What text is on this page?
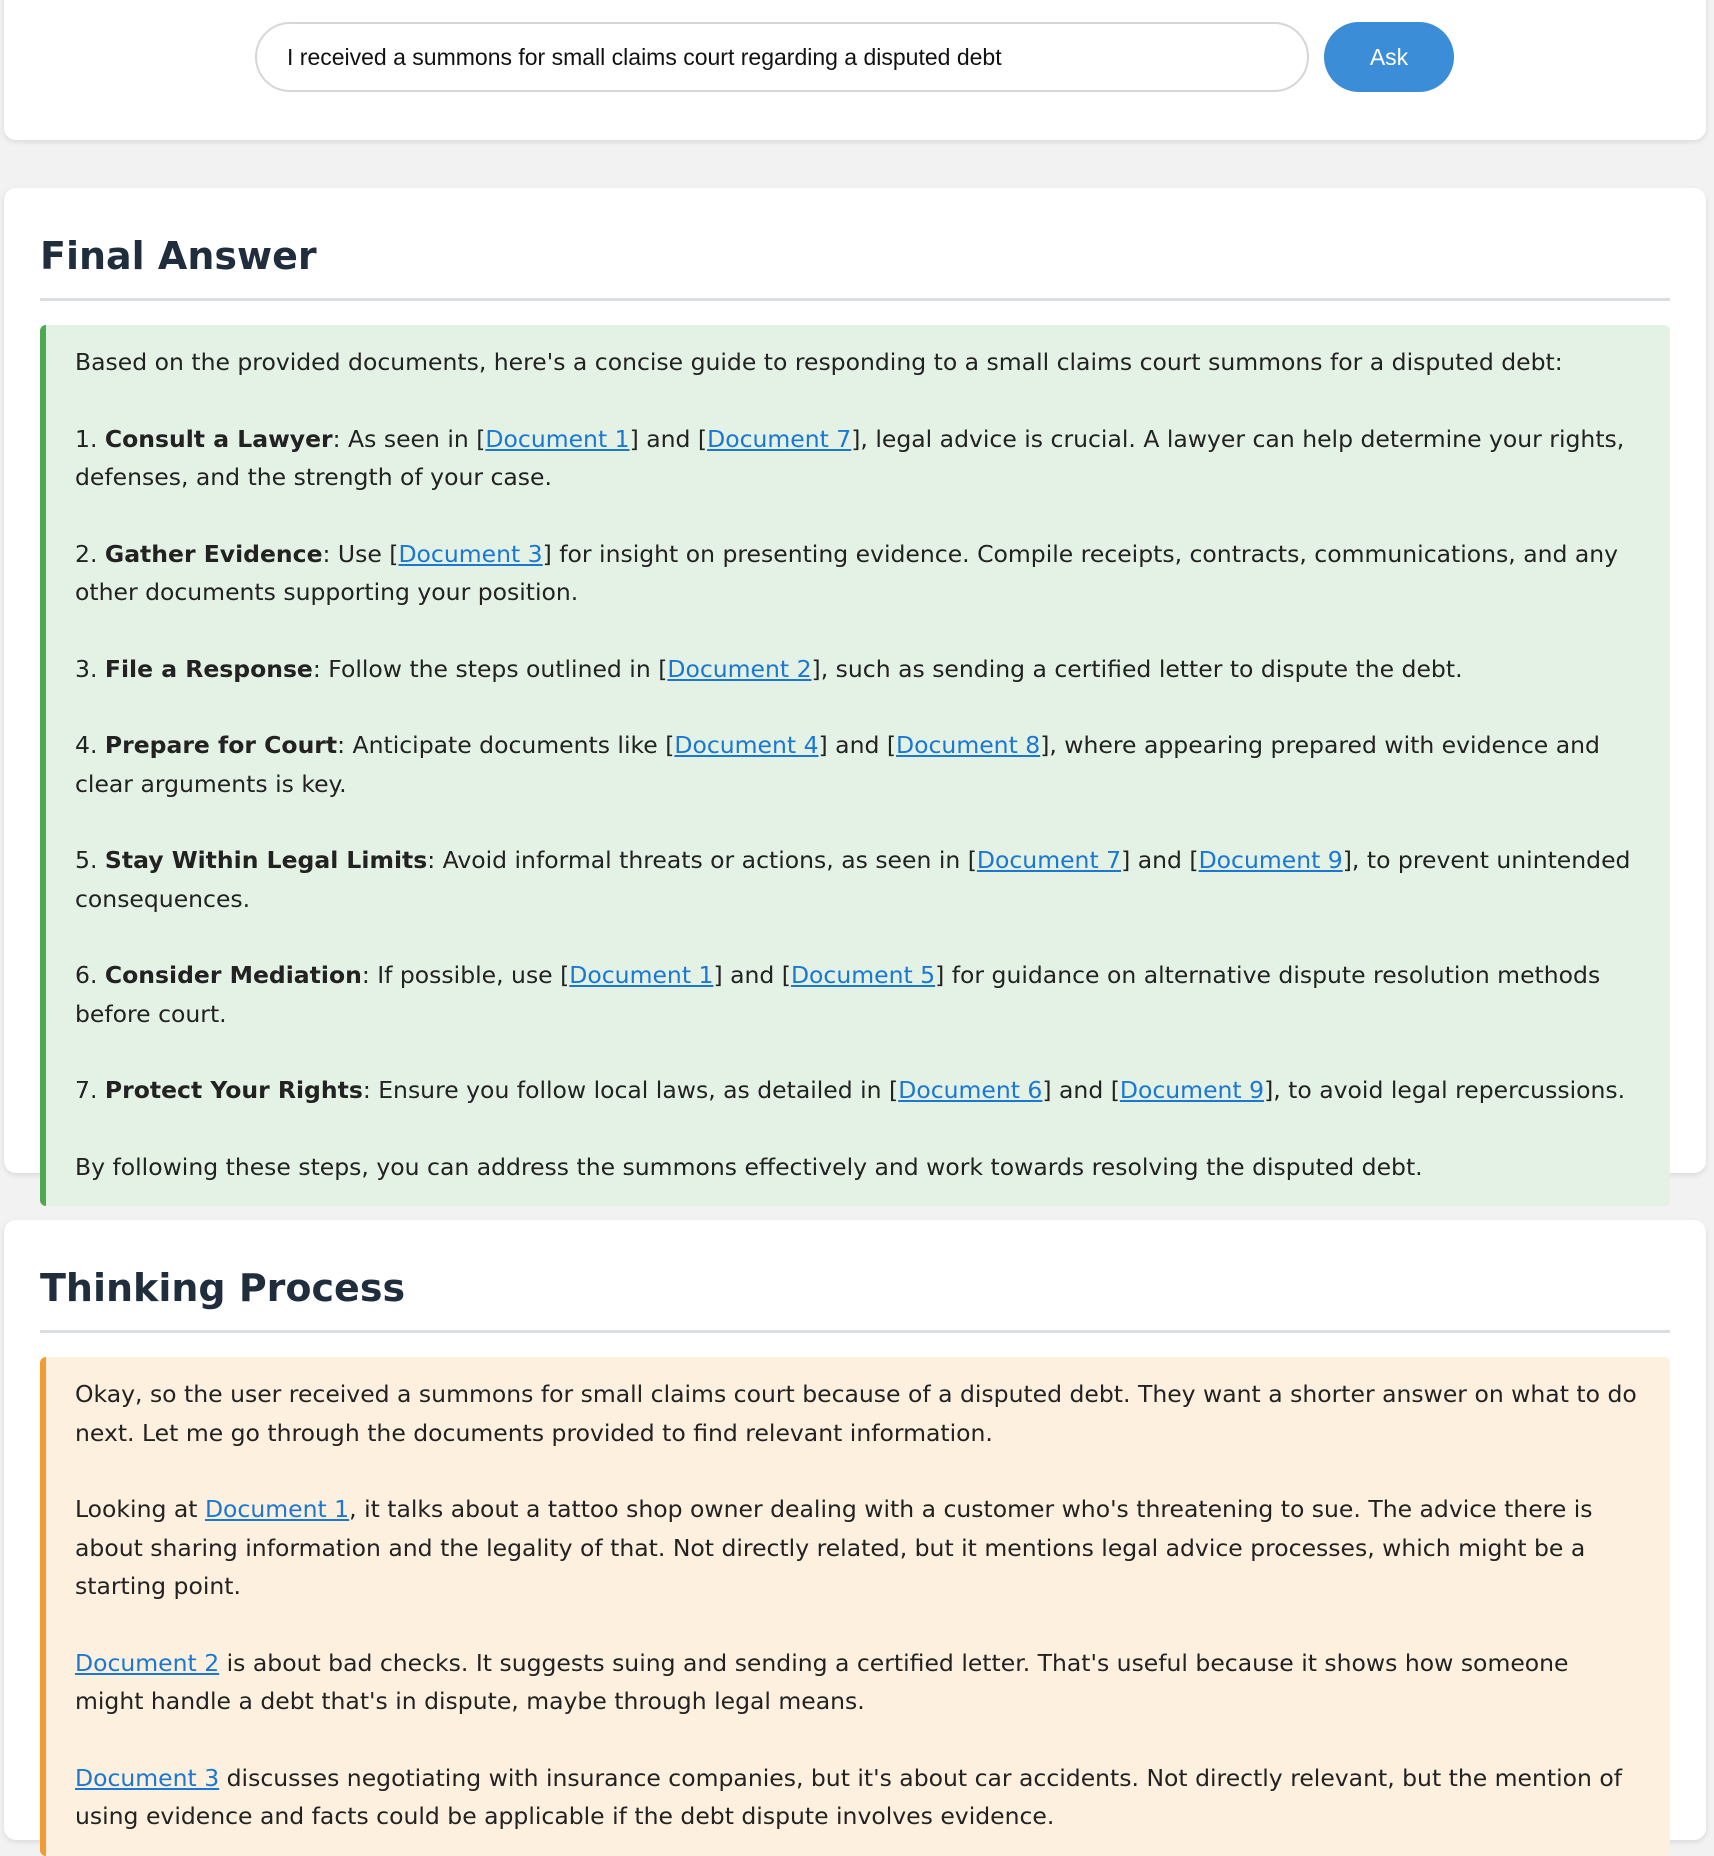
I received a summons for small claims court regarding a disputed debt
Ask
Final Answer

Based on the provided documents, here's a concise guide to responding to a small claims court summons for a disputed debt:

1. Consult a Lawyer: As seen in [Document 1] and [Document 7], legal advice is crucial. A lawyer can help determine your rights, defenses, and the strength of your case.

2. Gather Evidence: Use [Document 3] for insight on presenting evidence. Compile receipts, contracts, communications, and any other documents supporting your position.

3. File a Response: Follow the steps outlined in [Document 2], such as sending a certified letter to dispute the debt.

4. Prepare for Court: Anticipate documents like [Document 4] and [Document 8], where appearing prepared with evidence and clear arguments is key.

5. Stay Within Legal Limits: Avoid informal threats or actions, as seen in [Document 7] and [Document 9], to prevent unintended consequences.

6. Consider Mediation: If possible, use [Document 1] and [Document 5] for guidance on alternative dispute resolution methods before court.

7. Protect Your Rights: Ensure you follow local laws, as detailed in [Document 6] and [Document 9], to avoid legal repercussions.

By following these steps, you can address the summons effectively and work towards resolving the disputed debt.

Thinking Process

Okay, so the user received a summons for small claims court because of a disputed debt. They want a shorter answer on what to do next. Let me go through the documents provided to find relevant information.

Looking at Document 1, it talks about a tattoo shop owner dealing with a customer who's threatening to sue. The advice there is about sharing information and the legality of that. Not directly related, but it mentions legal advice processes, which might be a starting point.

Document 2 is about bad checks. It suggests suing and sending a certified letter. That's useful because it shows how someone might handle a debt that's in dispute, maybe through legal means.

Document 3 discusses negotiating with insurance companies, but it's about car accidents. Not directly relevant, but the mention of using evidence and facts could be applicable if the debt dispute involves evidence.
